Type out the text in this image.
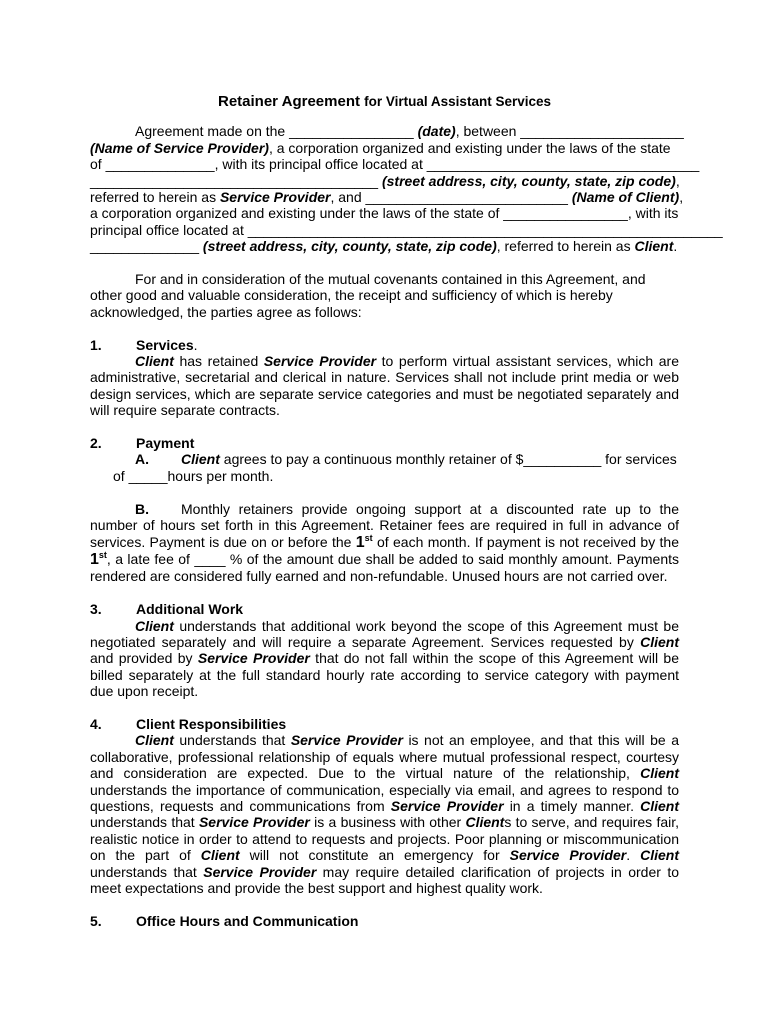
Retainer Agreement for Virtual Assistant Services

Agreement made on the ________________ (date), between _____________________

(Name of Service Provider), a corporation organized and existing under the laws of the state

of ______________, with its principal office located at ___________________________________

_____________________________________ (street address, city, county, state, zip code),

referred to herein as Service Provider, and __________________________ (Name of Client),

a corporation organized and existing under the laws of the state of ________________, with its

principal office located at _____________________________________________________________

______________ (street address, city, county, state, zip code), referred to herein as Client.

For and in consideration of the mutual covenants contained in this Agreement, and other good and valuable consideration, the receipt and sufficiency of which is hereby acknowledged, the parties agree as follows:

1. Services.

Client has retained Service Provider to perform virtual assistant services, which are administrative, secretarial and clerical in nature. Services shall not include print media or web design services, which are separate service categories and must be negotiated separately and will require separate contracts.

2. Payment

A. Client agrees to pay a continuous monthly retainer of $__________ for services

of _____hours per month.

B. Monthly retainers provide ongoing support at a discounted rate up to the number of hours set forth in this Agreement. Retainer fees are required in full in advance of services. Payment is due on or before the 1st of each month. If payment is not received by the 1st, a late fee of ____ % of the amount due shall be added to said monthly amount. Payments rendered are considered fully earned and non-refundable. Unused hours are not carried over.

3. Additional Work

Client understands that additional work beyond the scope of this Agreement must be negotiated separately and will require a separate Agreement. Services requested by Client and provided by Service Provider that do not fall within the scope of this Agreement will be billed separately at the full standard hourly rate according to service category with payment due upon receipt.

4. Client Responsibilities

Client understands that Service Provider is not an employee, and that this will be a collaborative, professional relationship of equals where mutual professional respect, courtesy and consideration are expected. Due to the virtual nature of the relationship, Client understands the importance of communication, especially via email, and agrees to respond to questions, requests and communications from Service Provider in a timely manner. Client understands that Service Provider is a business with other Clients to serve, and requires fair, realistic notice in order to attend to requests and projects. Poor planning or miscommunication on the part of Client will not constitute an emergency for Service Provider. Client understands that Service Provider may require detailed clarification of projects in order to meet expectations and provide the best support and highest quality work.

5. Office Hours and Communication
